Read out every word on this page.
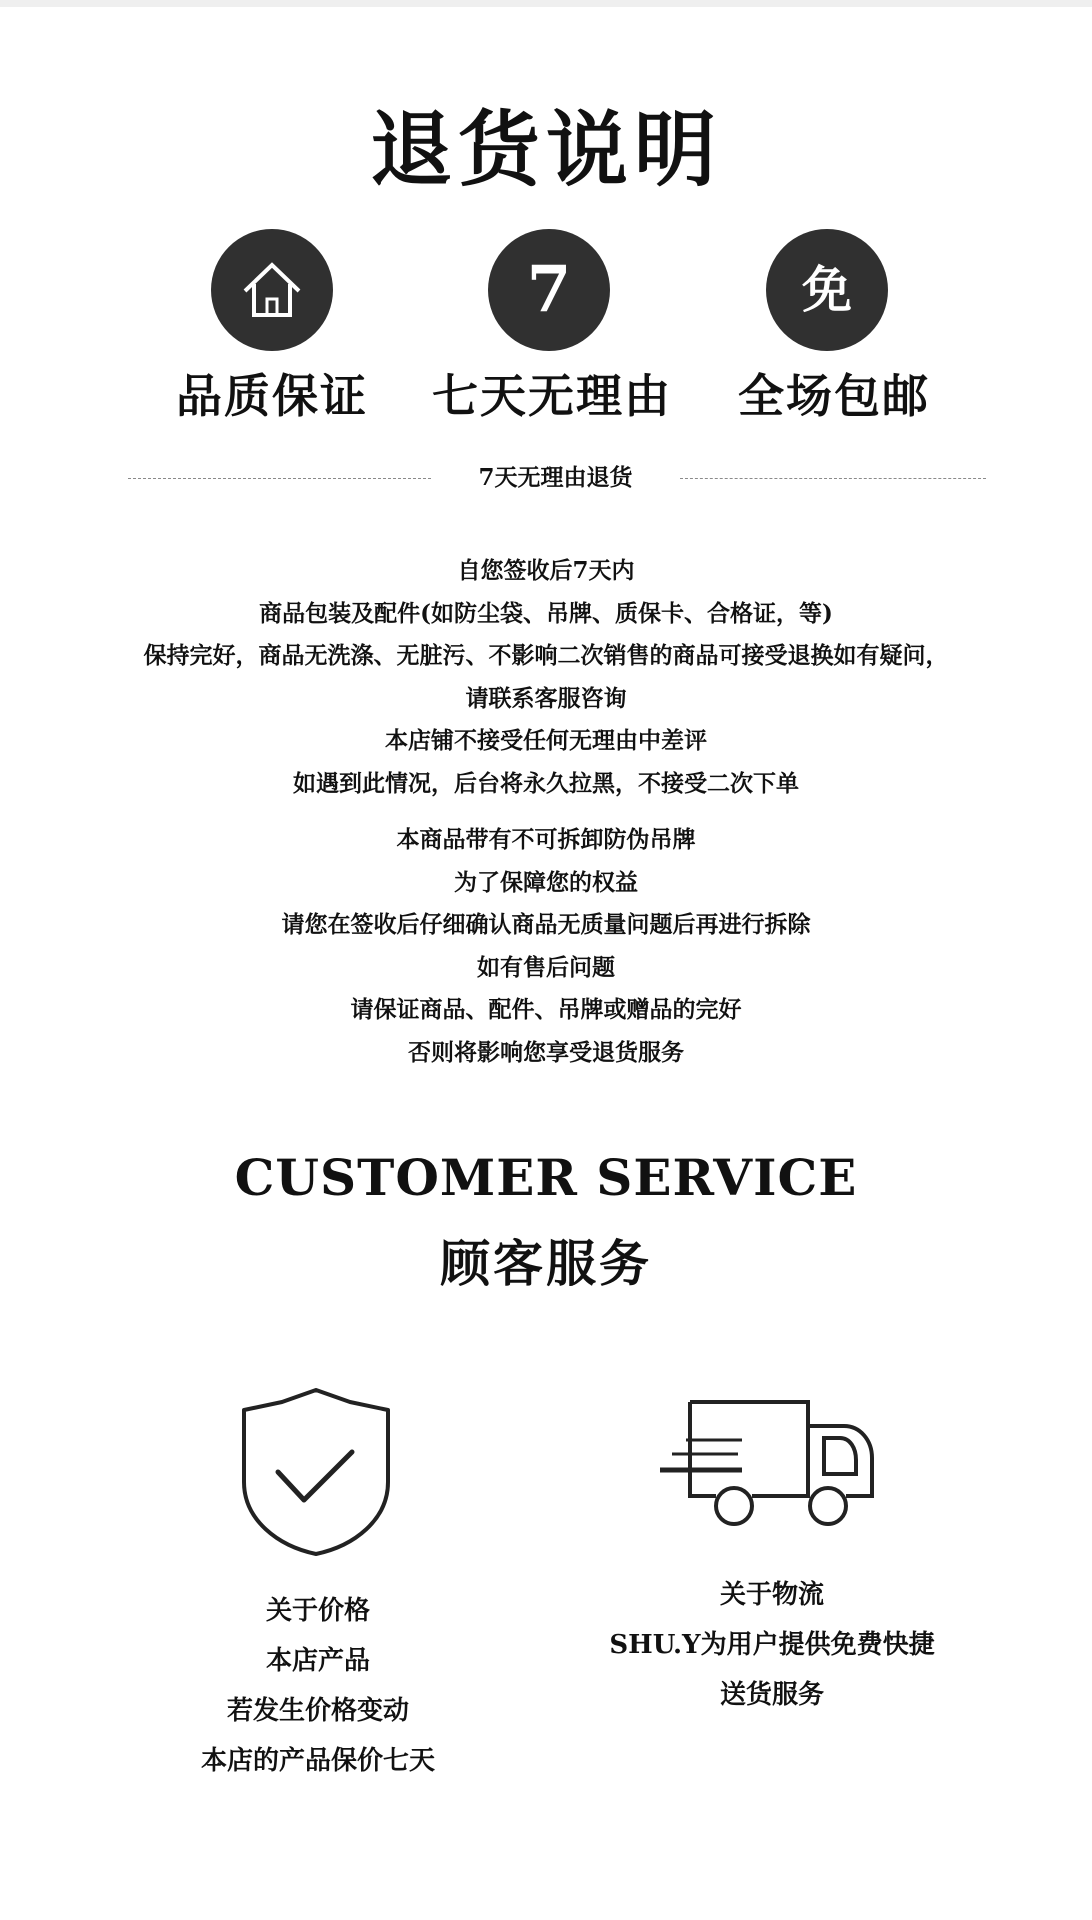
退货说明
7	免
品质保证	七天无理由	全场包邮
7天无理由退货
自您签收后7天内
商品包装及配件(如防尘袋、吊牌、质保卡、合格证，等)
保持完好，商品无洗涤、无脏污、不影响二次销售的商品可接受退换如有疑问，
请联系客服咨询
本店铺不接受任何无理由中差评
如遇到此情况，后台将永久拉黑，不接受二次下单
本商品带有不可拆卸防伪吊牌
为了保障您的权益
请您在签收后仔细确认商品无质量问题后再进行拆除
如有售后问题
请保证商品、配件、吊牌或赠品的完好
否则将影响您享受退货服务
CUSTOMER SERVICE
顾客服务
关于价格
本店产品
若发生价格变动
本店的产品保价七天
关于物流
SHU.Y为用户提供免费快捷
送货服务
